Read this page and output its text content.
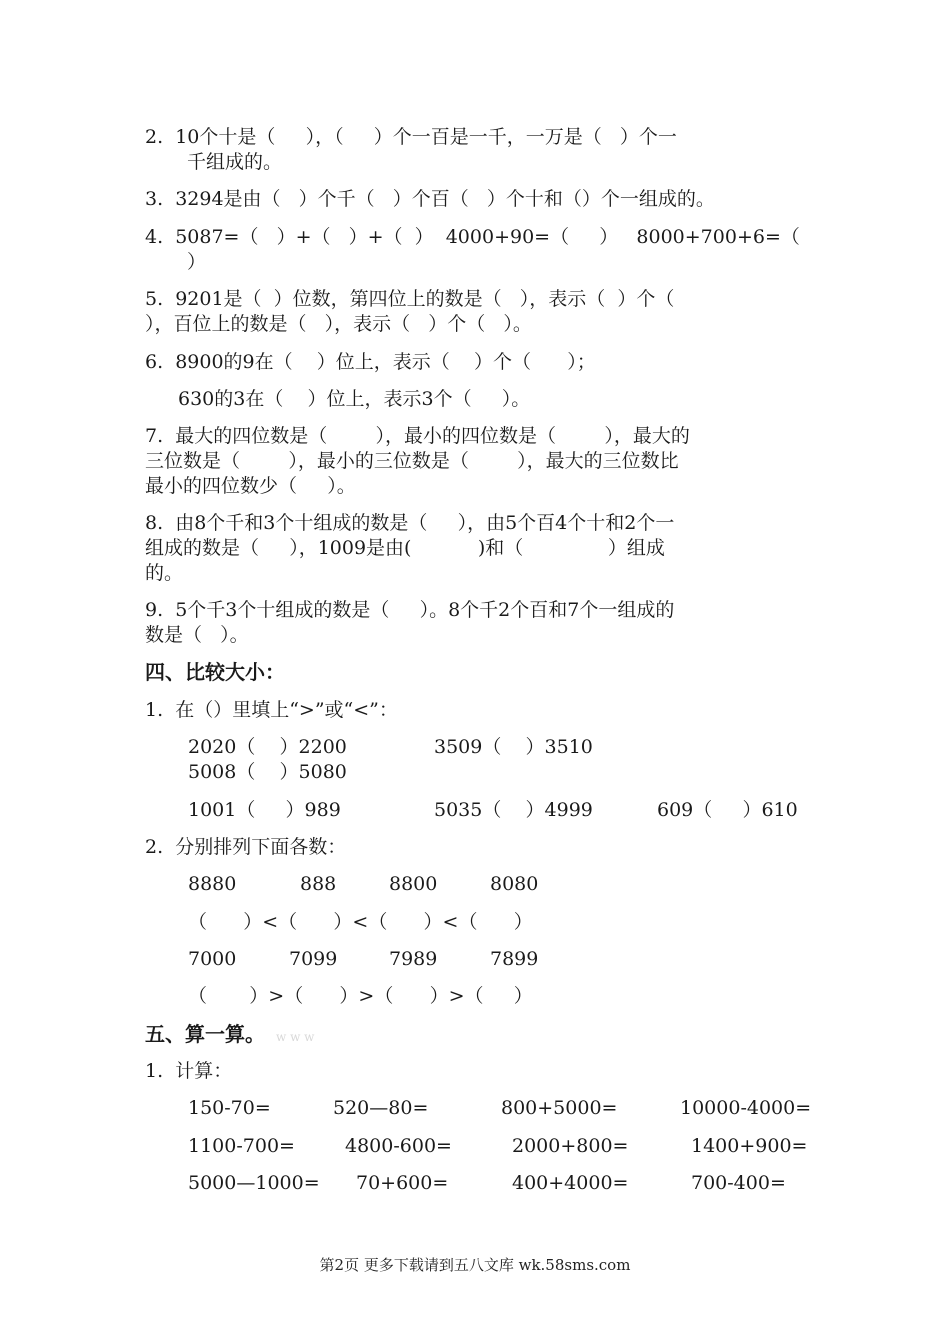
2.  10个十是（     ），（     ）个一百是一千，一万是（   ）个一
千组成的。
3.  3294是由（   ）个千（   ）个百（   ）个十和（）个一组成的。
4.  5087=（   ）+（   ）+（  ）  4000+90=（     ）   8000+700+6=（
）
5.  9201是（  ）位数，第四位上的数是（   ），表示（  ）个（
），百位上的数是（   ），表示（   ）个（   ）。
6.  8900的9在（    ）位上，表示（    ）个（      ）；
630的3在（    ）位上，表示3个（     ）。
7.  最大的四位数是（        ），最小的四位数是（        ），最大的
三位数是（        ），最小的三位数是（        ），最大的三位数比
最小的四位数少（     ）。
8.  由8个千和3个十组成的数是（     ），由5个百4个十和2个一
组成的数是（     ），1009是由(           )和（              ）组成
的。
9.  5个千3个十组成的数是（     ）。8个千2个百和7个一组成的
数是（   ）。
四、比较大小：
1.  在（）里填上“>”或“<”：
2020（    ）2200	3509（    ）3510
5008（    ）5080
1001（     ）989	5035（    ）4999	609（     ）610
2.  分别排列下面各数：
8880	888	8800	8080
（      ）<（      ）<（      ）<（      ）
7000	7099	7989	7899
（       ）>（      ）>（      ）>（     ）
五、算一算。 w w w
1.  计算：
150-70=	520—80=	800+5000=	10000-4000=
1100-700=	4800-600=	2000+800=	1400+900=
5000—1000= 70+600=	400+4000=	700-400=
第2页 更多下载请到五八文库 wk.58sms.com
